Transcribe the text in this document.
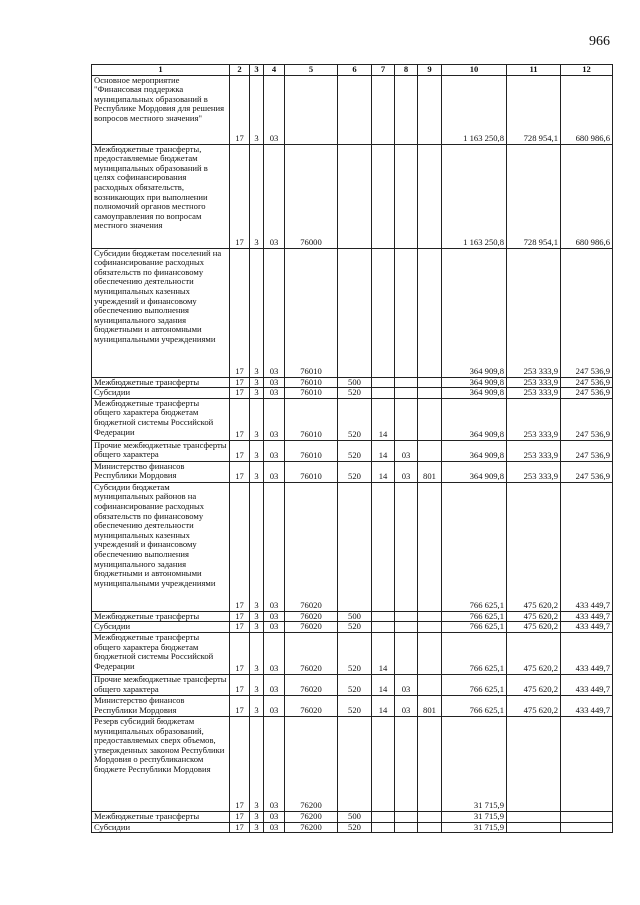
966
1	2	3	4	5	6	7	8	9	10	11	12
Основное мероприятие "Финансовая поддержка муниципальных образований в Республике Мордовия для решения вопросов местного значения"	17	3	03						1 163 250,8	728 954,1	680 986,6
Межбюджетные трансферты, предоставляемые бюджетам муниципальных образований в целях софинансирования расходных обязательств, возникающих при выполнении полномочий органов местного самоуправления по вопросам местного значения	17	3	03	76000					1 163 250,8	728 954,1	680 986,6
Субсидии бюджетам поселений на софинансирование расходных обязательств по финансовому обеспечению деятельности муниципальных казенных учреждений и финансовому обеспечению выполнения муниципального задания бюджетными и автономными муниципальными учреждениями	17	3	03	76010					364 909,8	253 333,9	247 536,9
Межбюджетные трансферты	17	3	03	76010	500				364 909,8	253 333,9	247 536,9
Субсидии	17	3	03	76010	520				364 909,8	253 333,9	247 536,9
Межбюджетные трансферты общего характера бюджетам бюджетной системы Российской Федерации	17	3	03	76010	520	14			364 909,8	253 333,9	247 536,9
Прочие межбюджетные трансферты общего характера	17	3	03	76010	520	14	03		364 909,8	253 333,9	247 536,9
Министерство финансов Республики Мордовия	17	3	03	76010	520	14	03	801	364 909,8	253 333,9	247 536,9
Субсидии бюджетам муниципальных районов на софинансирование расходных обязательств по финансовому обеспечению деятельности муниципальных казенных учреждений и финансовому обеспечению выполнения муниципального задания бюджетными и автономными муниципальными учреждениями	17	3	03	76020					766 625,1	475 620,2	433 449,7
Межбюджетные трансферты	17	3	03	76020	500				766 625,1	475 620,2	433 449,7
Субсидии	17	3	03	76020	520				766 625,1	475 620,2	433 449,7
Межбюджетные трансферты общего характера бюджетам бюджетной системы Российской Федерации	17	3	03	76020	520	14			766 625,1	475 620,2	433 449,7
Прочие межбюджетные трансферты общего характера	17	3	03	76020	520	14	03		766 625,1	475 620,2	433 449,7
Министерство финансов Республики Мордовия	17	3	03	76020	520	14	03	801	766 625,1	475 620,2	433 449,7
Резерв субсидий бюджетам муниципальных образований, предоставляемых сверх объемов, утвержденных законом Республики Мордовия о республиканском бюджете Республики Мордовия	17	3	03	76200					31 715,9		
Межбюджетные трансферты	17	3	03	76200	500				31 715,9		
Субсидии	17	3	03	76200	520				31 715,9		
